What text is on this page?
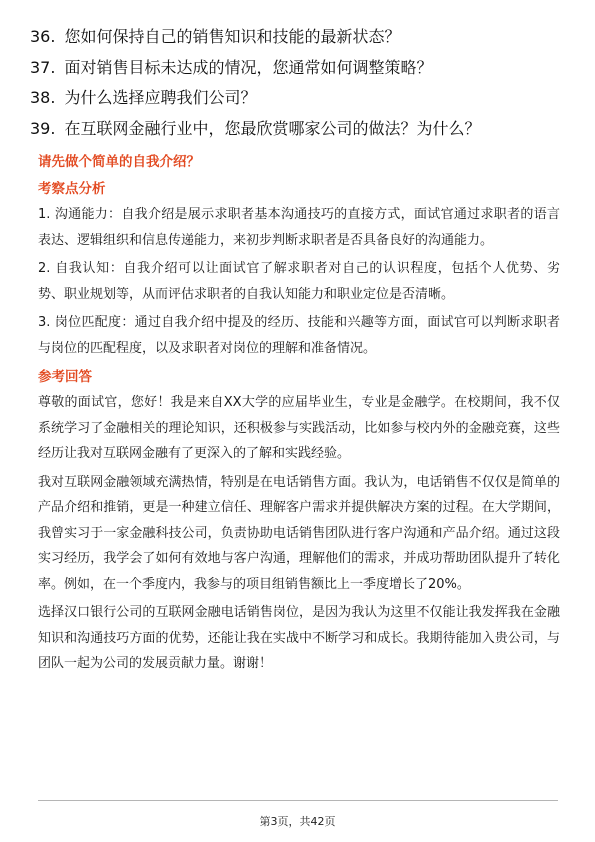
36. 您如何保持自己的销售知识和技能的最新状态？
37. 面对销售目标未达成的情况，您通常如何调整策略？
38. 为什么选择应聘我们公司？
39. 在互联网金融行业中，您最欣赏哪家公司的做法？为什么？
请先做个简单的自我介绍？
考察点分析

1. 沟通能力：自我介绍是展示求职者基本沟通技巧的直接方式，面试官通过求职者的语言表达、逻辑组织和信息传递能力，来初步判断求职者是否具备良好的沟通能力。

2. 自我认知：自我介绍可以让面试官了解求职者对自己的认识程度，包括个人优势、劣势、职业规划等，从而评估求职者的自我认知能力和职业定位是否清晰。

3. 岗位匹配度：通过自我介绍中提及的经历、技能和兴趣等方面，面试官可以判断求职者与岗位的匹配程度，以及求职者对岗位的理解和准备情况。

参考回答

尊敬的面试官，您好！我是来自XX大学的应届毕业生，专业是金融学。在校期间，我不仅系统学习了金融相关的理论知识，还积极参与实践活动，比如参与校内外的金融竞赛，这些经历让我对互联网金融有了更深入的了解和实践经验。

我对互联网金融领域充满热情，特别是在电话销售方面。我认为，电话销售不仅仅是简单的产品介绍和推销，更是一种建立信任、理解客户需求并提供解决方案的过程。在大学期间，我曾实习于一家金融科技公司，负责协助电话销售团队进行客户沟通和产品介绍。通过这段实习经历，我学会了如何有效地与客户沟通，理解他们的需求，并成功帮助团队提升了转化率。例如，在一个季度内，我参与的项目组销售额比上一季度增长了20%。

选择汉口银行公司的互联网金融电话销售岗位，是因为我认为这里不仅能让我发挥我在金融知识和沟通技巧方面的优势，还能让我在实战中不断学习和成长。我期待能加入贵公司，与团队一起为公司的发展贡献力量。谢谢！

第3页，共42页
